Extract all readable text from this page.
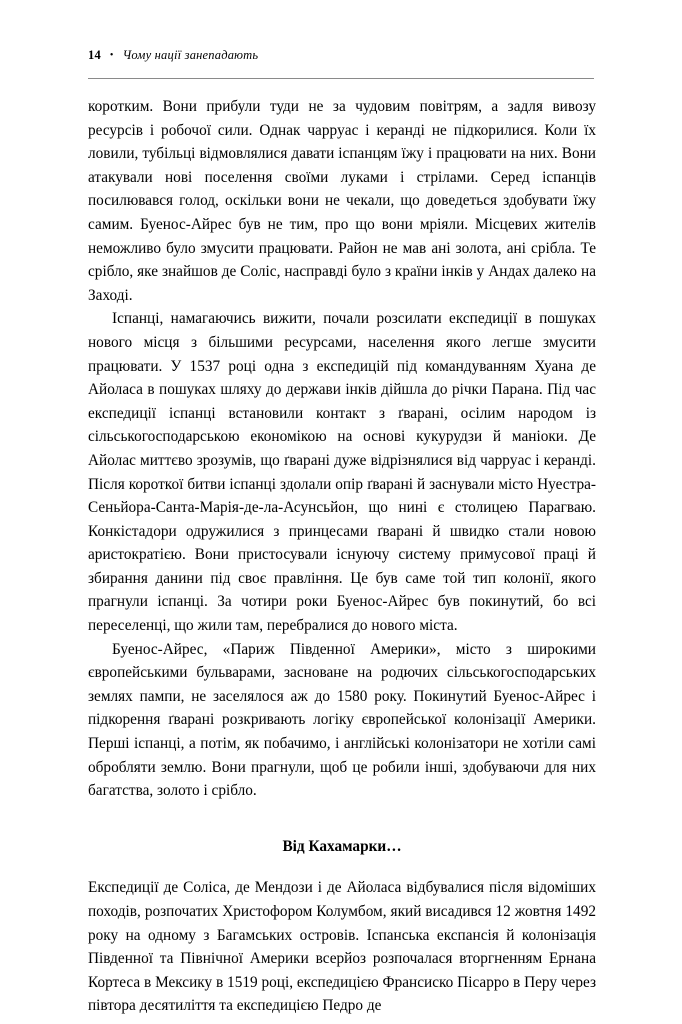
14 • Чому нації занепадають

коротким. Вони прибули туди не за чудовим повітрям, а задля вивозу ресурсів і робочої сили. Однак чappyac і керанді не підкорилися. Коли їх ловили, тубільці відмовлялися давати іспанцям їжу і працювати на них. Вони атакували нові поселення своїми луками і стрілами. Серед іспанців посилювався голод, оскільки вони не чекали, що доведеться здобувати їжу самим. Буенос-Айрес був не тим, про що вони мріяли. Місцевих жителів неможливо було змусити працювати. Район не мав ані золота, ані срібла. Те срібло, яке знайшов де Соліс, насправді було з країни інків у Андах далеко на Заході.

Іспанці, намагаючись вижити, почали розсилати експедиції в пошуках нового місця з більшими ресурсами, населення якого легше змусити працювати. У 1537 році одна з експедицій під командуванням Хуана де Айоласа в пошуках шляху до держави інків дійшла до річки Парана. Під час експедиції іспанці встановили контакт з ґварані, осілим народом із сільськогосподарською економікою на основі кукурудзи й маніоки. Де Айолас миттєво зрозумів, що ґварані дуже відрізнялися від чappyac і керанді. Після короткої битви іспанці здолали опір ґварані й заснували місто Нуестра-Сеньйора-Санта-Марія-де-ла-Асунсьйон, що нині є столицею Парагваю. Конкістадори одружилися з принцесами ґварані й швидко стали новою аристократією. Вони пристосували існуючу систему примусової праці й збирання данини під своє правління. Це був саме той тип колонії, якого прагнули іспанці. За чотири роки Буенос-Айрес був покинутий, бо всі переселенці, що жили там, перебралися до нового міста.

Буенос-Айрес, «Париж Південної Америки», місто з широкими європейськими бульварами, засноване на родючих сільськогосподарських землях пампи, не заселялося аж до 1580 року. Покинутий Буенос-Айрес і підкорення ґварані розкривають логіку європейської колонізації Америки. Перші іспанці, а потім, як побачимо, і англійські колонізатори не хотіли самі обробляти землю. Вони прагнули, щоб це робили інші, здобуваючи для них багатства, золото і срібло.

Від Кахамарки…

Експедиції де Соліса, де Мендози і де Айоласа відбувалися після відомiших походів, розпочатих Христофором Колумбом, який висадився 12 жовтня 1492 року на одному з Багамських островів. Іспанська експансія й колонізація Південної та Північної Америки всерйоз розпочалася вторгненням Ернана Кортеса в Мексику в 1519 році, експедицією Франсиско Пісарро в Перу через півтора десятиліття та експедицією Педро де
